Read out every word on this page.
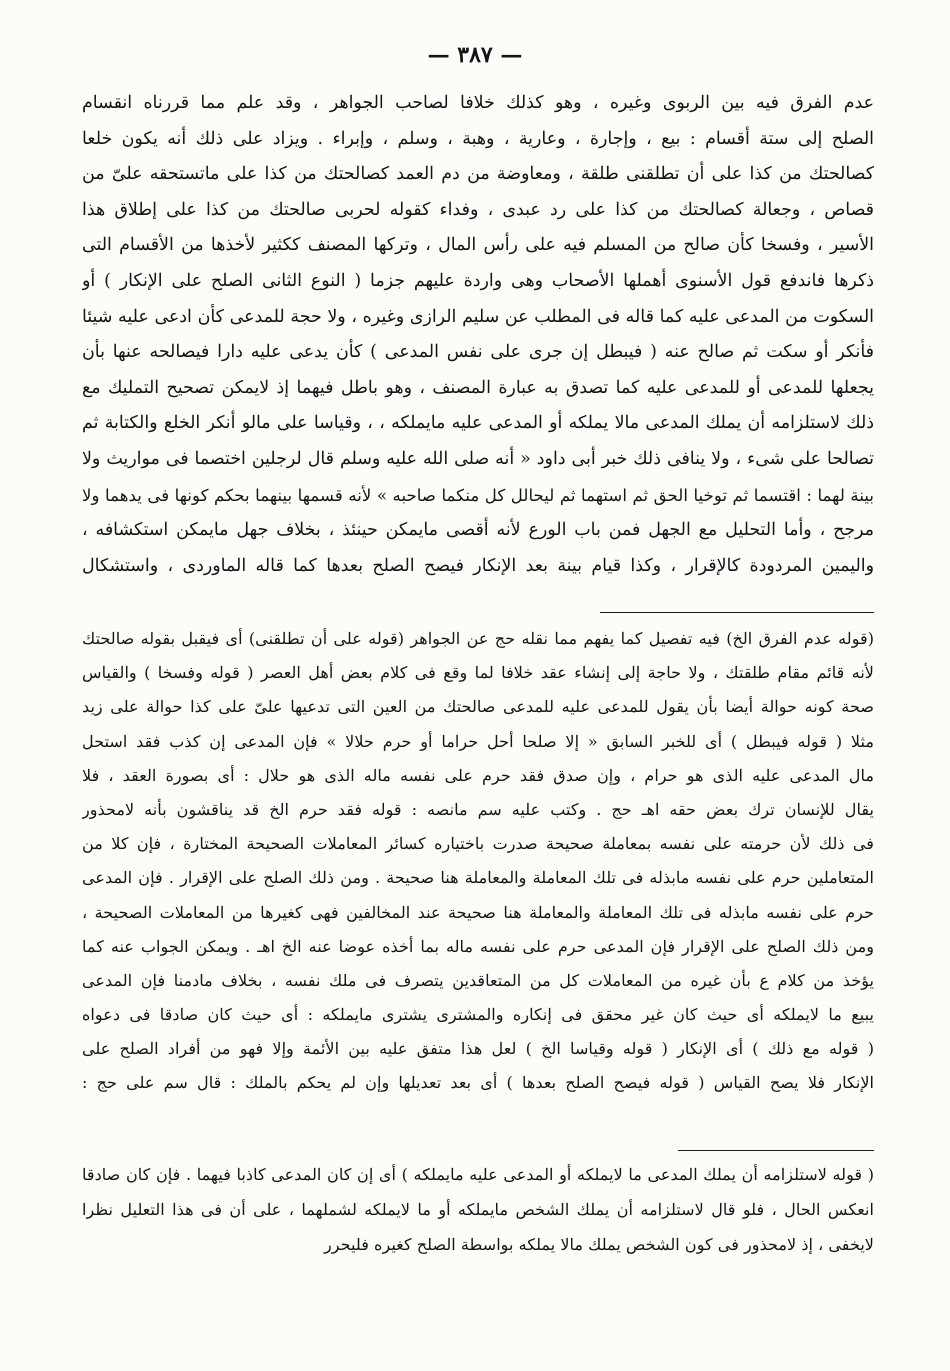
— ٣٨٧ —
عدم الفرق فيه بين الربوى وغيره ، وهو كذلك خلافا لصاحب الجواهر ، وقد علم مما قررناه انقسام
الصلح إلى ستة أقسام : بيع ، وإجارة ، وعارية ، وهبة ، وسلم ، وإبراء . ويزاد على ذلك أنه يكون خلعا
كصالحتك من كذا على أن تطلقنى طلقة ، ومعاوضة من دم العمد كصالحتك من كذا على ماتستحقه علىّ من
قصاص ، وجعالة كصالحتك من كذا على رد عبدى ، وفداء كقوله لحربى صالحتك من كذا على إطلاق هذا
الأسير ، وفسخا كأن صالح من المسلم فيه على رأس المال ، وتركها المصنف ككثير لأخذها من الأقسام التى
ذكرها فاندفع قول الأسنوى أهملها الأصحاب وهى واردة عليهم جزما ( النوع الثانى الصلح على الإنكار ) أو
السكوت من المدعى عليه كما قاله فى المطلب عن سليم الرازى وغيره ، ولا حجة للمدعى كأن ادعى عليه شيئا
فأنكر أو سكت ثم صالح عنه ( فيبطل إن جرى على نفس المدعى ) كأن يدعى عليه دارا فيصالحه عنها بأن
يجعلها للمدعى أو للمدعى عليه كما تصدق به عبارة المصنف ، وهو باطل فيهما إذ لايمكن تصحيح التمليك مع
ذلك لاستلزامه أن يملك المدعى مالا يملكه أو المدعى عليه مايملكه ، ، وقياسا على مالو أنكر الخلع والكتابة ثم
تصالحا على شىء ، ولا ينافى ذلك خبر أبى داود « أنه صلى الله عليه وسلم قال لرجلين اختصما فى مواريث ولا
بينة لهما : اقتسما ثم توخيا الحق ثم استهما ثم ليحالل كل منكما صاحبه » لأنه قسمها بينهما بحكم كونها فى يدهما ولا
مرجح ، وأما التحليل مع الجهل فمن باب الورع لأنه أقصى مايمكن حينئذ ، بخلاف جهل مايمكن استكشافه ،
واليمين المردودة كالإقرار ، وكذا قيام بينة بعد الإنكار فيصح الصلح بعدها كما قاله الماوردى ، واستشكال
(قوله عدم الفرق الخ) فيه تفصيل كما يفهم مما نقله حج عن الجواهر (قوله على أن تطلقنى) أى فيقبل بقوله صالحتك
لأنه قائم مقام طلقتك ، ولا حاجة إلى إنشاء عقد خلافا لما وقع فى كلام بعض أهل العصر ( قوله وفسخا ) والقياس
صحة كونه حوالة أيضا بأن يقول للمدعى عليه للمدعى صالحتك من العين التى تدعيها علىّ على كذا حوالة على زيد
مثلا ( قوله فيبطل ) أى للخبر السابق « إلا صلحا أحل حراما أو حرم حلالا » فإن المدعى إن كذب فقد استحل
مال المدعى عليه الذى هو حرام ، وإن صدق فقد حرم على نفسه ماله الذى هو حلال : أى بصورة العقد ، فلا
يقال للإنسان ترك بعض حقه اهـ حج . وكتب عليه سم مانصه : قوله فقد حرم الخ قد يناقشون بأنه لامحذور
فى ذلك لأن حرمته على نفسه بمعاملة صحيحة صدرت باختياره كسائر المعاملات الصحيحة المختارة ، فإن كلا من
المتعاملين حرم على نفسه مابذله فى تلك المعاملة والمعاملة هنا صحيحة . ومن ذلك الصلح على الإقرار . فإن المدعى
حرم على نفسه مابذله فى تلك المعاملة والمعاملة هنا صحيحة عند المخالفين فهى كغيرها من المعاملات الصحيحة ،
ومن ذلك الصلح على الإقرار فإن المدعى حرم على نفسه ماله بما أخذه عوضا عنه الخ اهـ . ويمكن الجواب عنه كما
يؤخذ من كلام ع بأن غيره من المعاملات كل من المتعاقدين يتصرف فى ملك نفسه ، بخلاف مادمنا فإن المدعى
يبيع ما لايملكه أى حيث كان غير محقق فى إنكاره والمشترى يشترى مايملكه : أى حيث كان صادقا فى دعواه
( قوله مع ذلك ) أى الإنكار ( قوله وقياسا الخ ) لعل هذا متفق عليه بين الأئمة وإلا فهو من أفراد الصلح على
الإنكار فلا يصح القياس ( قوله فيصح الصلح بعدها ) أى بعد تعديلها وإن لم يحكم بالملك : قال سم على حج :
( قوله لاستلزامه أن يملك المدعى ما لايملكه أو المدعى عليه مايملكه ) أى إن كان المدعى كاذبا فيهما . فإن كان صادقا
انعكس الحال ، فلو قال لاستلزامه أن يملك الشخص مايملكه أو ما لايملكه لشملهما ، على أن فى هذا التعليل نظرا
لايخفى ، إذ لامحذور فى كون الشخص يملك مالا يملكه بواسطة الصلح كغيره فليحرر
